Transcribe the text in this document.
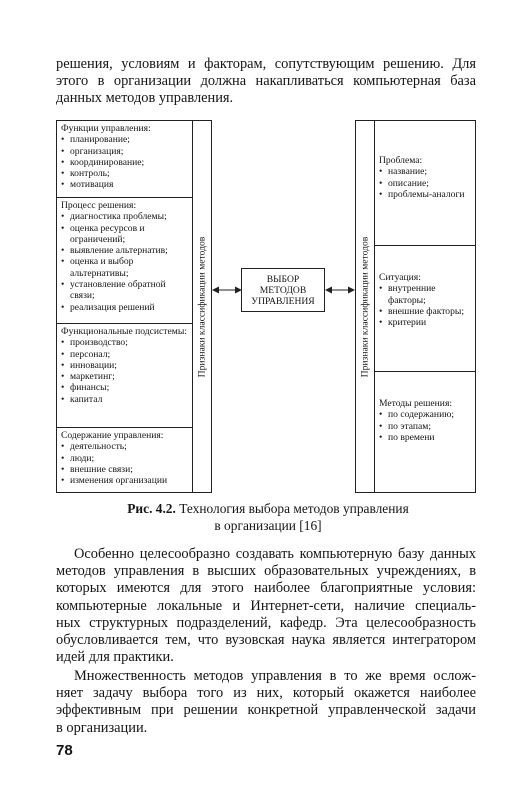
решения, условиям и факторам, сопутствующим решению. Для
этого в организации должна накапливаться компьютерная база
данных методов управления.
Функции управления:
• планирование;
• организация;
• координирование;
• контроль;
• мотивация
Процесс решения:
• диагностика проблемы;
• оценка ресурсов и ограничений;
• выявление альтернатив;
• оценка и выбор альтернативы;
• установление обратной связи;
• реализация решений
Функциональные подсистемы:
• производство;
• персонал;
• инновации;
• маркетинг;
• финансы;
• капитал
Содержание управления:
• деятельность;
• люди;
• внешние связи;
• изменения организации
Признаки классификации методов	ВЫБОР
МЕТОДОВ
УПРАВЛЕНИЯ	Признаки классификации методов
Проблема:
• название;
• описание;
• проблемы-аналоги
Ситуация:
• внутренние факторы;
• внешние факторы;
• критерии
Методы решения:
• по содержанию;
• по этапам;
• по времени
Рис. 4.2. Технология выбора методов управления
в организации [16]
Особенно целесообразно создавать компьютерную базу данных
методов управления в высших образовательных учреждениях, в
которых имеются для этого наиболее благоприятные условия:
компьютерные локальные и Интернет-сети, наличие специаль-
ных структурных подразделений, кафедр. Эта целесообразность
обусловливается тем, что вузовская наука является интегратором
идей для практики.
Множественность методов управления в то же время ослож-
няет задачу выбора того из них, который окажется наиболее
эффективным при решении конкретной управленческой задачи
в организации.
78
